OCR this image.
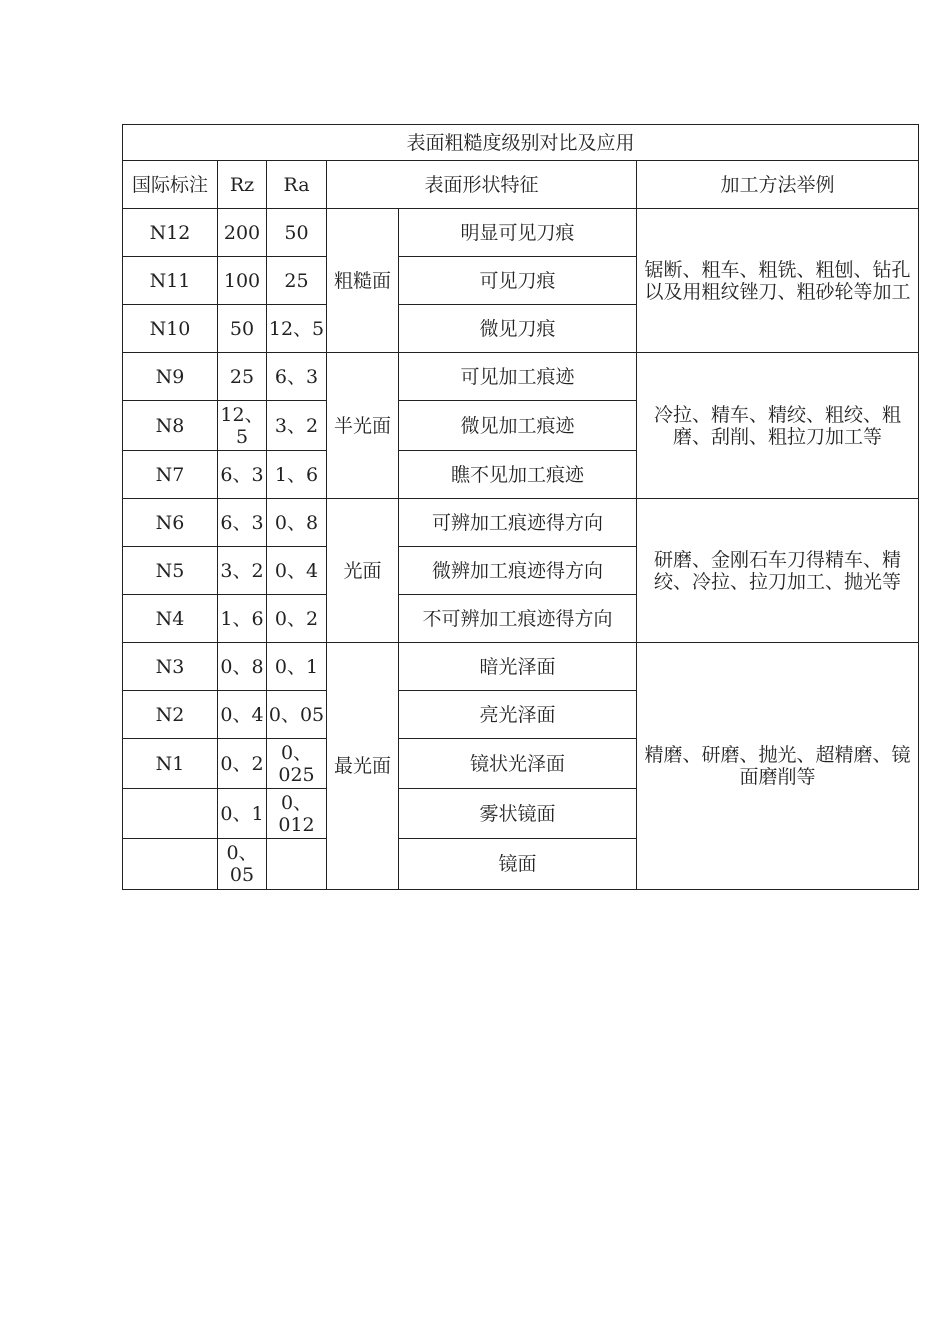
表面粗糙度级别对比及应用					
国际标注	Rz	Ra	表面形状特征		加工方法举例
N12	200	50	粗糙面	明显可见刀痕	锯断、粗车、粗铣、粗刨、钻孔以及用粗纹锉刀、粗砂轮等加工
N11	100	25		可见刀痕	
N10	50	12、5		微见刀痕	
N9	25	6、3	半光面	可见加工痕迹	冷拉、精车、精绞、粗绞、粗磨、刮削、粗拉刀加工等
N8	12、5	3、2		微见加工痕迹	
N7	6、3	1、6		瞧不见加工痕迹	
N6	6、3	0、8	光面	可辨加工痕迹得方向	研磨、金刚石车刀得精车、精绞、冷拉、拉刀加工、抛光等
N5	3、2	0、4		微辨加工痕迹得方向	
N4	1、6	0、2		不可辨加工痕迹得方向	
N3	0、8	0、1	最光面	暗光泽面	精磨、研磨、抛光、超精磨、镜面磨削等
N2	0、4	0、05		亮光泽面	
N1	0、2	0、025		镜状光泽面	
	0、1	0、012		雾状镜面	
	0、05			镜面	
